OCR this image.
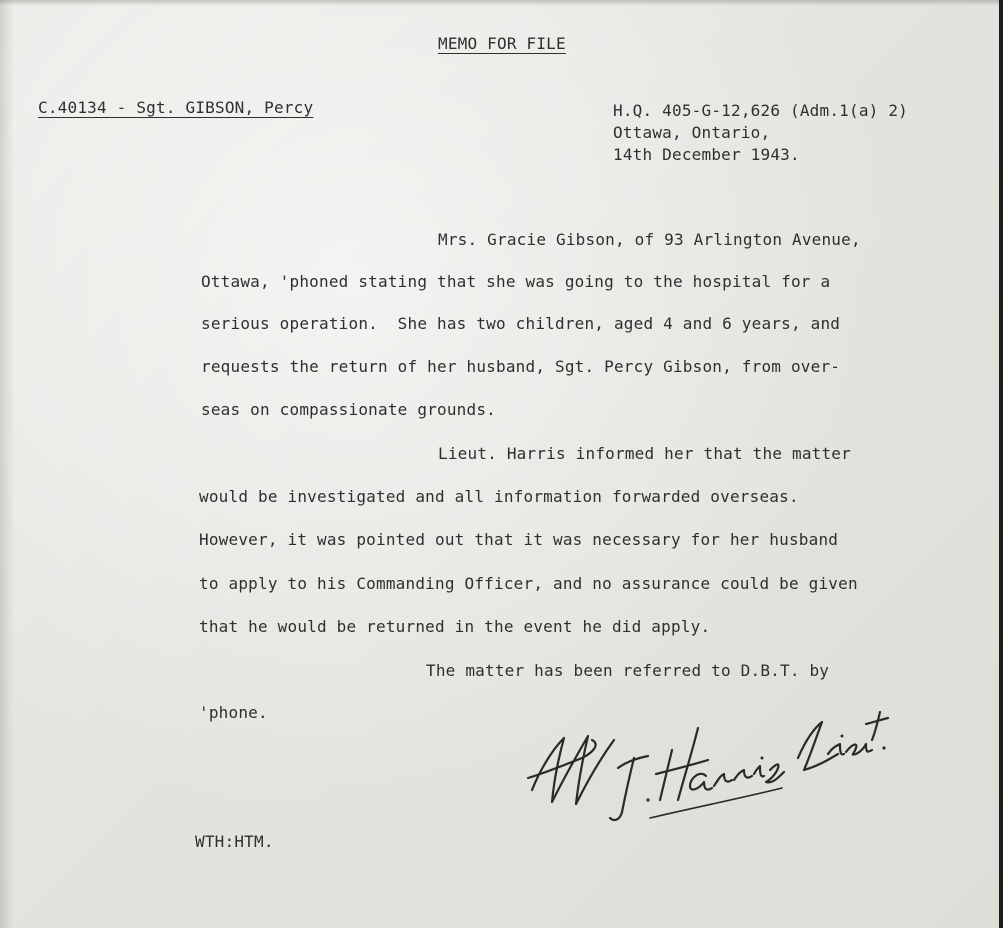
MEMO FOR FILE
C.40134 - Sgt. GIBSON, Percy	H.Q. 405-G-12,626 (Adm.1(a) 2)
Ottawa, Ontario,
14th December 1943.
Mrs. Gracie Gibson, of 93 Arlington Avenue,
Ottawa, 'phoned stating that she was going to the hospital for a
serious operation.  She has two children, aged 4 and 6 years, and
requests the return of her husband, Sgt. Percy Gibson, from over-
seas on compassionate grounds.
Lieut. Harris informed her that the matter
would be investigated and all information forwarded overseas.
However, it was pointed out that it was necessary for her husband
to apply to his Commanding Officer, and no assurance could be given
that he would be returned in the event he did apply.
The matter has been referred to D.B.T. by
'phone.
WTH:HTM.
